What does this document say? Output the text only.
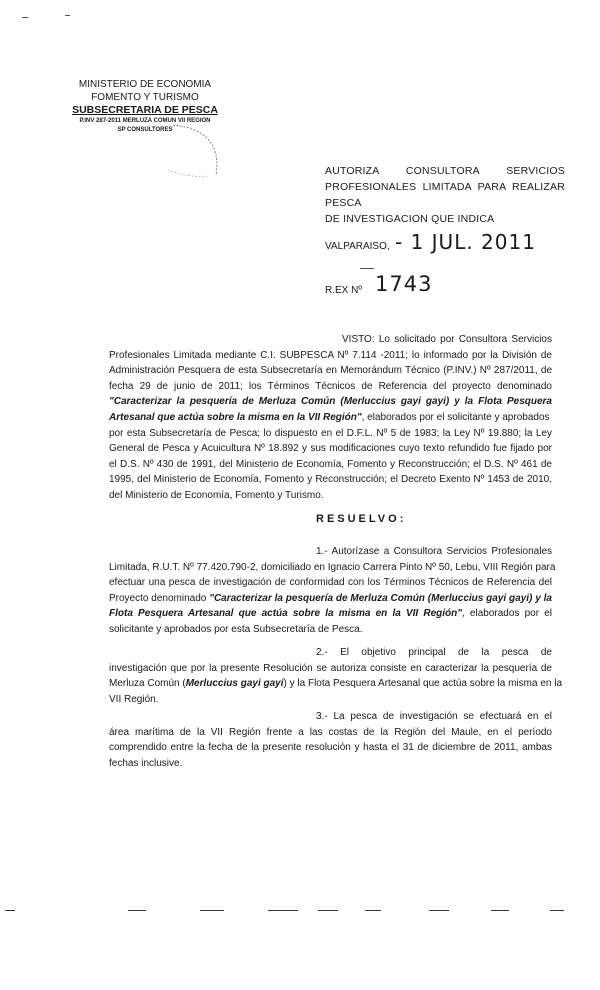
MINISTERIO DE ECONOMIA
FOMENTO Y TURISMO
SUBSECRETARIA DE PESCA
P.INV 287-2011 MERLUZA COMUN VII REGION
SP CONSULTORES
AUTORIZA CONSULTORA SERVICIOS
PROFESIONALES LIMITADA PARA REALIZAR PESCA
DE INVESTIGACION QUE INDICA
VALPARAISO, - 1 JUL. 2011
R.EX Nº 1743
VISTO: Lo solicitado por Consultora Servicios
Profesionales Limitada mediante C.I. SUBPESCA Nº 7.114 -2011; lo informado por la División de
Administración Pesquera de esta Subsecretaría en Memorándum Técnico (P.INV.) Nº 287/2011, de
fecha 29 de junio de 2011; los Términos Técnicos de Referencia del proyecto denominado
"Caracterizar la pesquería de Merluza Común (Merluccius gayi gayi) y la Flota Pesquera
Artesanal que actúa sobre la misma en la VII Región", elaborados por el solicitante y aprobados
por esta Subsecretaría de Pesca; lo dispuesto en el D.F.L. Nº 5 de 1983; la Ley Nº 19.880; la Ley
General de Pesca y Acuicultura Nº 18.892 y sus modificaciones cuyo texto refundido fue fijado por
el D.S. Nº 430 de 1991, del Ministerio de Economía, Fomento y Reconstrucción; el D.S. Nº 461 de
1995, del Ministerio de Economía, Fomento y Reconstrucción; el Decreto Exento Nº 1453 de 2010,
del Ministerio de Economía, Fomento y Turismo.
RESUELVO:
1.- Autorízase a Consultora Servicios Profesionales
Limitada, R.U.T. Nº 77.420.790-2, domiciliado en Ignacio Carrera Pinto Nº 50, Lebu, VIII Región para
efectuar una pesca de investigación de conformidad con los Términos Técnicos de Referencia del
Proyecto denominado "Caracterizar la pesquería de Merluza Común (Merluccius gayi gayi) y la
Flota Pesquera Artesanal que actúa sobre la misma en la VII Región", elaborados por el
solicitante y aprobados por esta Subsecretaría de Pesca.
2.- El objetivo principal de la pesca de
investigación que por la presente Resolución se autoriza consiste en caracterizar la pesquería de
Merluza Común (Merluccius gayi gayi) y la Flota Pesquera Artesanal que actúa sobre la misma en la
VII Región.
3.- La pesca de investigación se efectuará en el
área marítima de la VII Región frente a las costas de la Región del Maule, en el período
comprendido entre la fecha de la presente resolución y hasta el 31 de diciembre de 2011, ambas
fechas inclusive.
